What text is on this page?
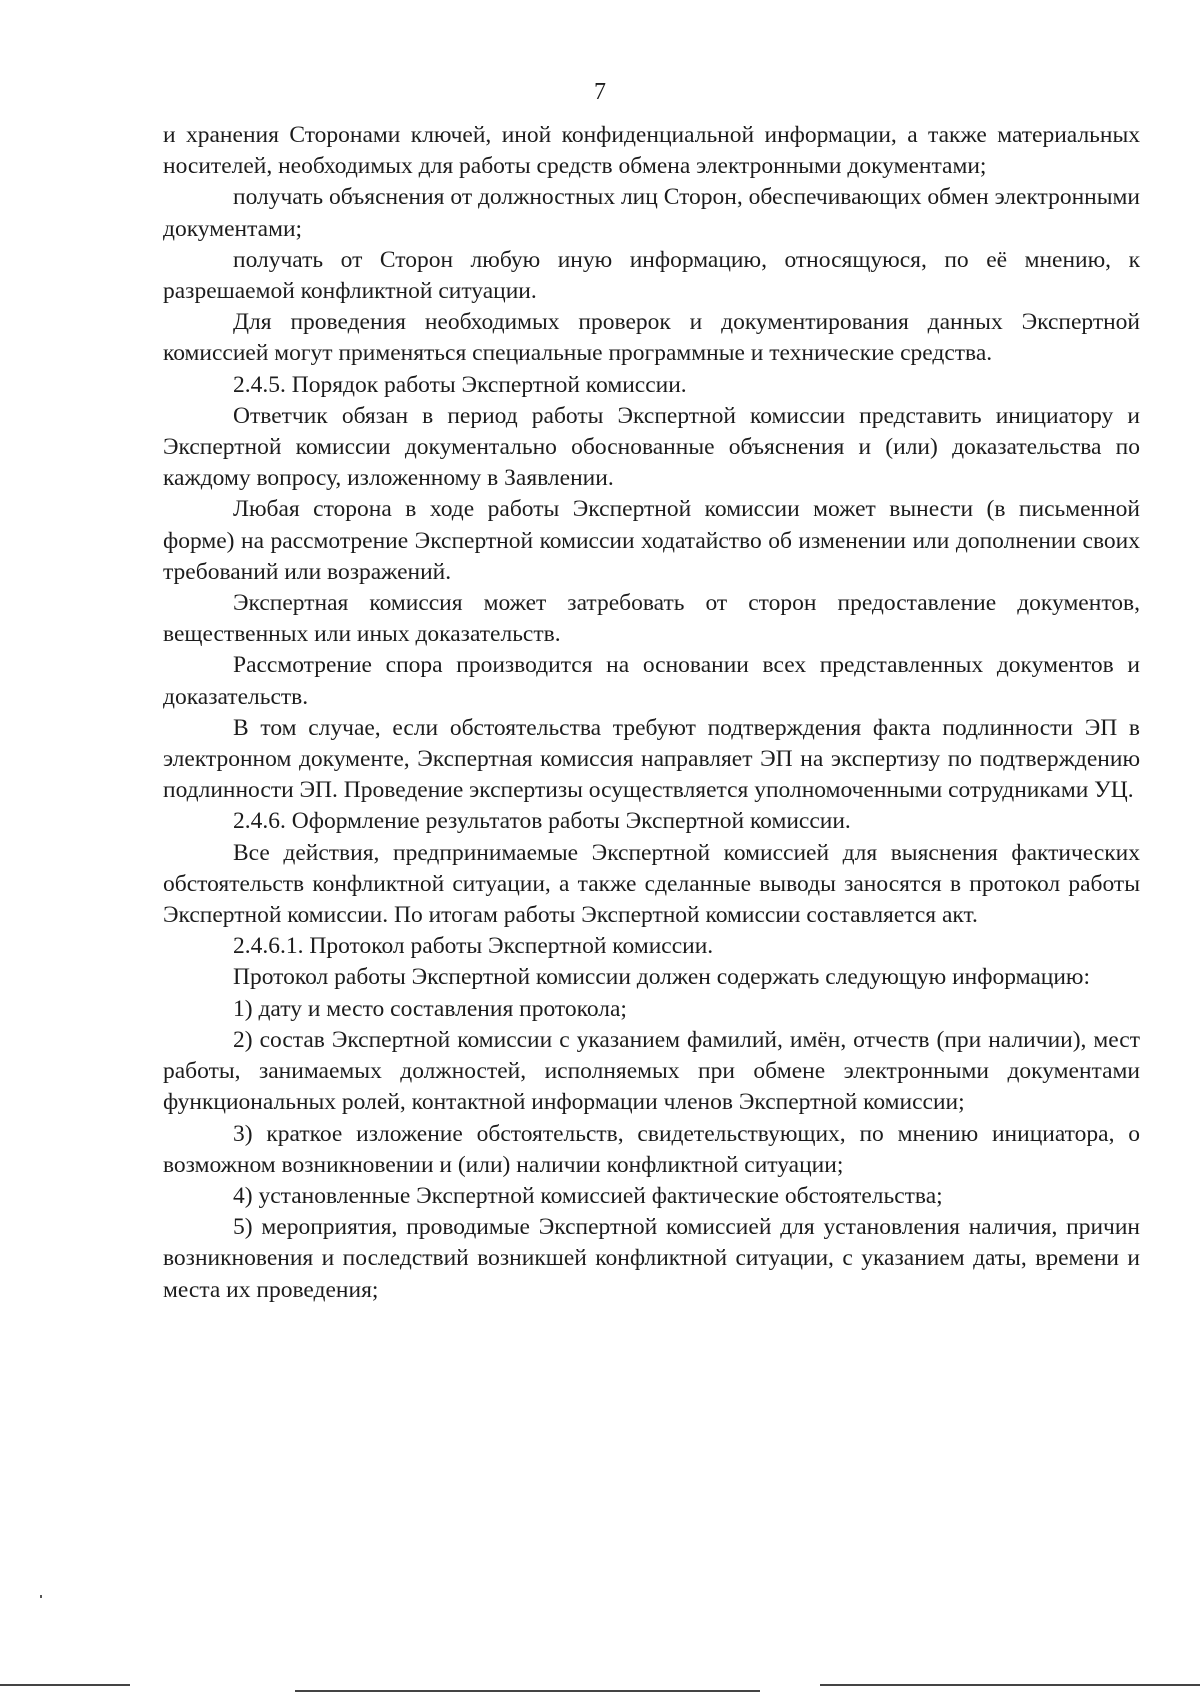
7

и хранения Сторонами ключей, иной конфиденциальной информации, а также материальных носителей, необходимых для работы средств обмена электронными документами;

получать объяснения от должностных лиц Сторон, обеспечивающих обмен электронными документами;

получать от Сторон любую иную информацию, относящуюся, по её мнению, к разрешаемой конфликтной ситуации.

Для проведения необходимых проверок и документирования данных Экспертной комиссией могут применяться специальные программные и технические средства.

2.4.5. Порядок работы Экспертной комиссии.

Ответчик обязан в период работы Экспертной комиссии представить инициатору и Экспертной комиссии документально обоснованные объяснения и (или) доказательства по каждому вопросу, изложенному в Заявлении.

Любая сторона в ходе работы Экспертной комиссии может вынести (в письменной форме) на рассмотрение Экспертной комиссии ходатайство об изменении или дополнении своих требований или возражений.

Экспертная комиссия может затребовать от сторон предоставление документов, вещественных или иных доказательств.

Рассмотрение спора производится на основании всех представленных документов и доказательств.

В том случае, если обстоятельства требуют подтверждения факта подлинности ЭП в электронном документе, Экспертная комиссия направляет ЭП на экспертизу по подтверждению подлинности ЭП. Проведение экспертизы осуществляется уполномоченными сотрудниками УЦ.

2.4.6. Оформление результатов работы Экспертной комиссии.

Все действия, предпринимаемые Экспертной комиссией для выяснения фактических обстоятельств конфликтной ситуации, а также сделанные выводы заносятся в протокол работы Экспертной комиссии. По итогам работы Экспертной комиссии составляется акт.

2.4.6.1. Протокол работы Экспертной комиссии.

Протокол работы Экспертной комиссии должен содержать следующую информацию:

1) дату и место составления протокола;

2) состав Экспертной комиссии с указанием фамилий, имён, отчеств (при наличии), мест работы, занимаемых должностей, исполняемых при обмене электронными документами функциональных ролей, контактной информации членов Экспертной комиссии;

3) краткое изложение обстоятельств, свидетельствующих, по мнению инициатора, о возможном возникновении и (или) наличии конфликтной ситуации;

4) установленные Экспертной комиссией фактические обстоятельства;

5) мероприятия, проводимые Экспертной комиссией для установления наличия, причин возникновения и последствий возникшей конфликтной ситуации, с указанием даты, времени и места их проведения;
